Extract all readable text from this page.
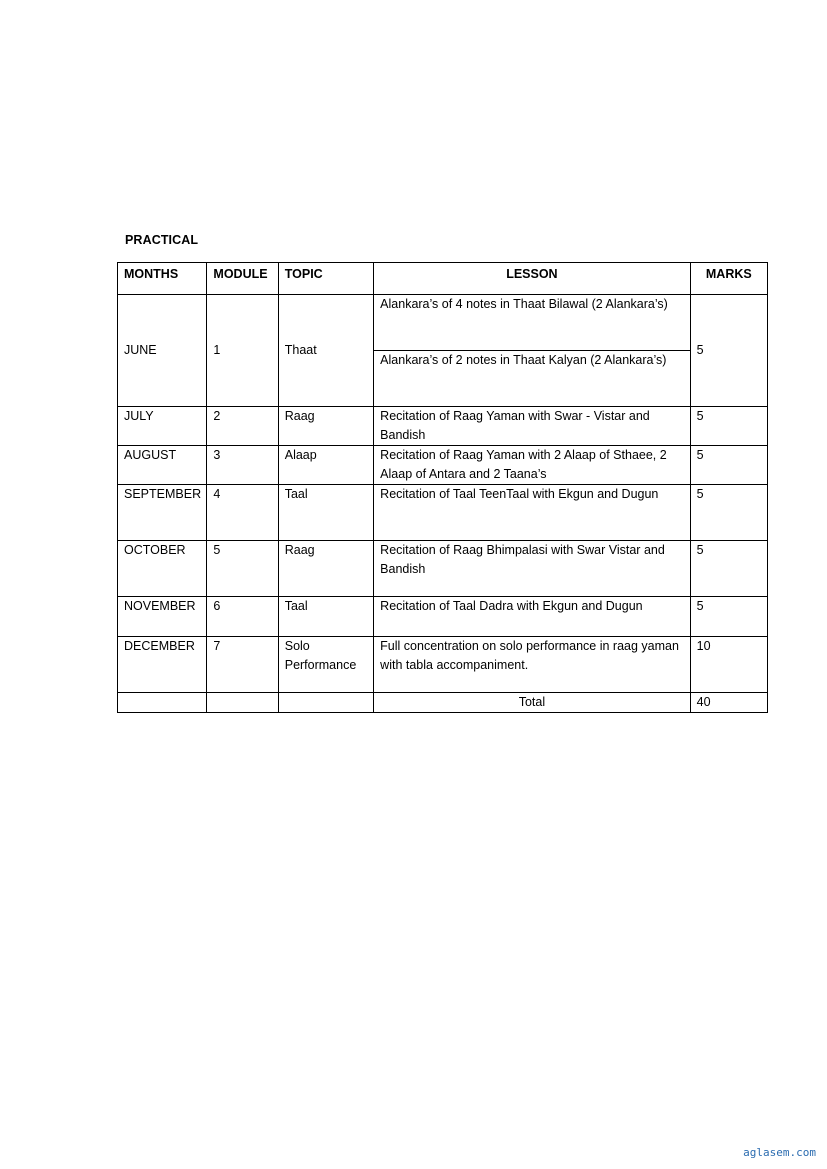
PRACTICAL
MONTHS	MODULE	TOPIC	LESSON	MARKS
JUNE	1	Thaat	Alankara’s of 4 notes in Thaat Bilawal (2 Alankara’s)	5
			Alankara’s of 2 notes in Thaat Kalyan (2 Alankara’s)	
JULY	2	Raag	Recitation of Raag Yaman with Swar - Vistar and Bandish	5
AUGUST	3	Alaap	Recitation of Raag Yaman with 2 Alaap of Sthaee, 2 Alaap of Antara and 2 Taana’s	5
SEPTEMBER	4	Taal	Recitation of Taal TeenTaal with Ekgun and Dugun	5
OCTOBER	5	Raag	Recitation of Raag Bhimpalasi with Swar Vistar and Bandish	5
NOVEMBER	6	Taal	Recitation of Taal Dadra with Ekgun and Dugun	5
DECEMBER	7	Solo Performance	Full concentration on solo performance in raag yaman with tabla accompaniment.	10
			Total	40
aglasem.com
